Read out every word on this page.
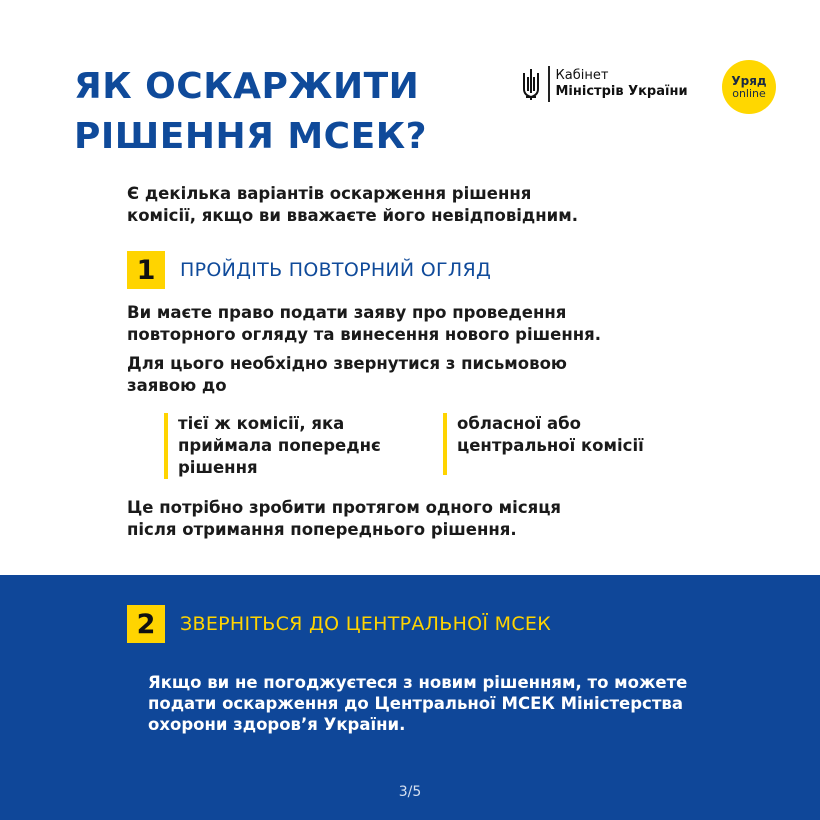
ЯК ОСКАРЖИТИ
РІШЕННЯ МСЕК?
Кабінет
Міністрів України
Уряд
online
Є декілька варіантів оскарження рішення
комісії, якщо ви вважаєте його невідповідним.
1	ПРОЙДІТЬ ПОВТОРНИЙ ОГЛЯД
Ви маєте право подати заяву про проведення
повторного огляду та винесення нового рішення.
Для цього необхідно звернутися з письмовою
заявою до
тієї ж комісії, яка
приймала попереднє
рішення
обласної або
центральної комісії
Це потрібно зробити протягом одного місяця
після отримання попереднього рішення.
2	ЗВЕРНІТЬСЯ ДО ЦЕНТРАЛЬНОЇ МСЕК
Якщо ви не погоджуєтеся з новим рішенням, то можете
подати оскарження до Центральної МСЕК Міністерства
охорони здоров’я України.
3/5
